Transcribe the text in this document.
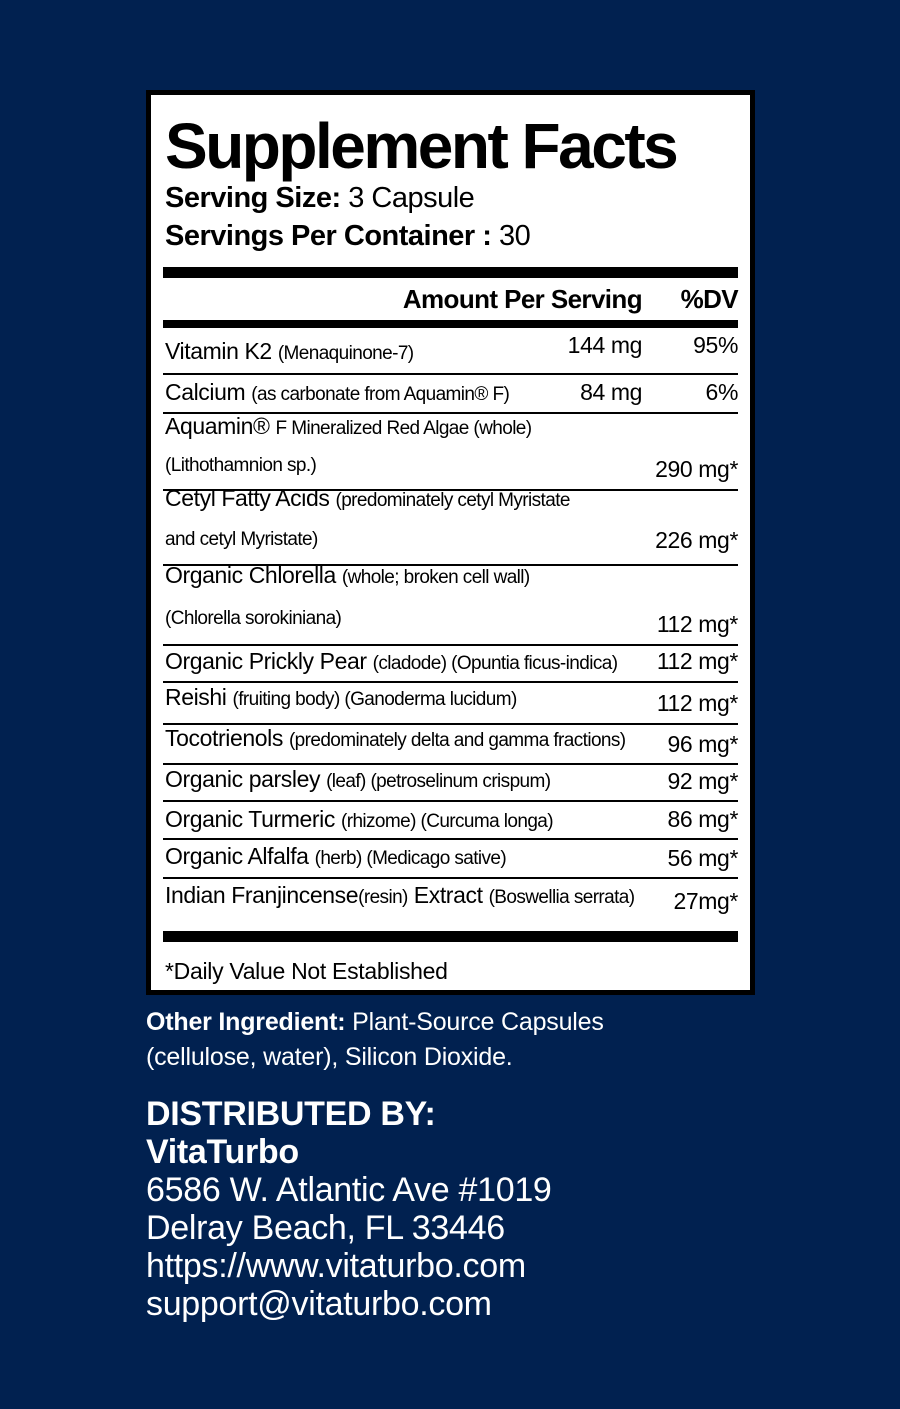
Supplement Facts
Serving Size: 3 Capsule
Servings Per Container : 30
Amount Per Serving	%DV
Vitamin K2 (Menaquinone-7)	144 mg	95%
Calcium (as carbonate from Aquamin® F)	84 mg	6%
Aquamin® F Mineralized Red Algae (whole)
(Lithothamnion sp.)	290 mg*
Cetyl Fatty Acids (predominately cetyl Myristate
and cetyl Myristate)	226 mg*
Organic Chlorella (whole; broken cell wall)
(Chlorella sorokiniana)	112 mg*
Organic Prickly Pear (cladode) (Opuntia ficus-indica)	112 mg*
Reishi (fruiting body) (Ganoderma lucidum)	112 mg*
Tocotrienols (predominately delta and gamma fractions)	96 mg*
Organic parsley (leaf) (petroselinum crispum)	92 mg*
Organic Turmeric (rhizome) (Curcuma longa)	86 mg*
Organic Alfalfa (herb) (Medicago sative)	56 mg*
Indian Franjincense(resin) Extract (Boswellia serrata)	27mg*
*Daily Value Not Established
Other Ingredient: Plant-Source Capsules
(cellulose, water), Silicon Dioxide.
DISTRIBUTED BY:
VitaTurbo
6586 W. Atlantic Ave #1019
Delray Beach, FL 33446
https://www.vitaturbo.com
support@vitaturbo.com
